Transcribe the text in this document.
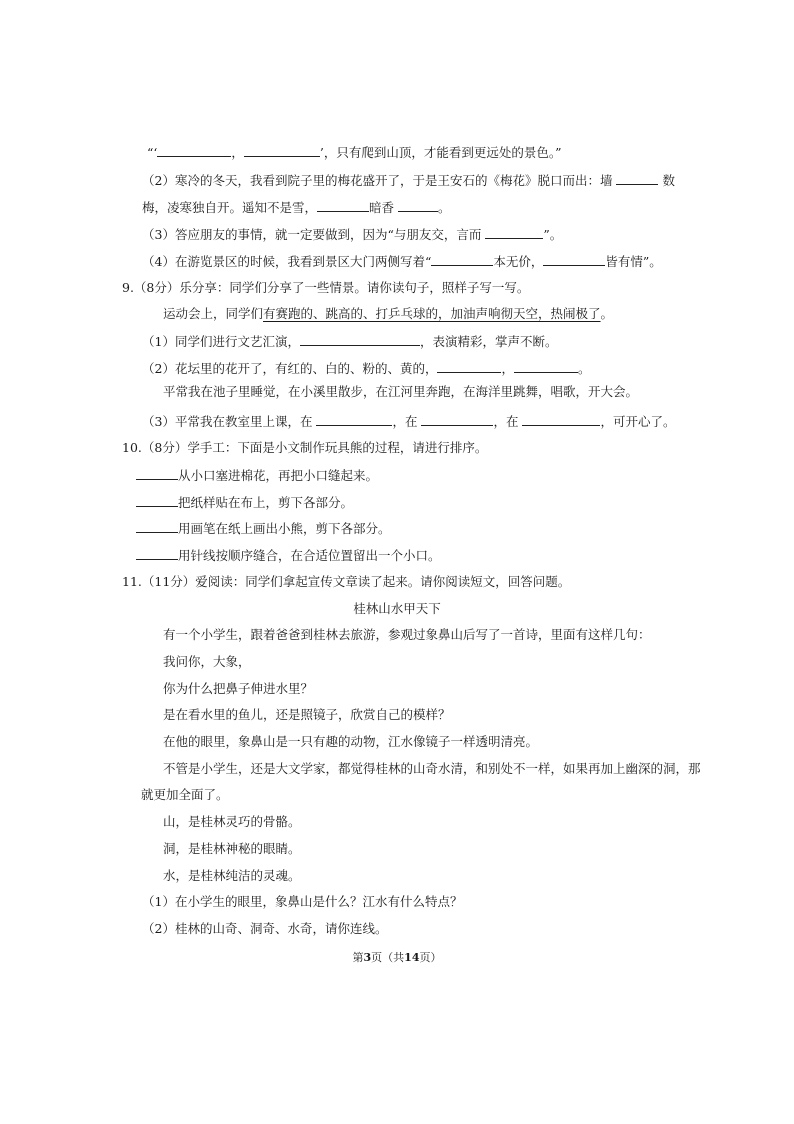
“‘	，	’，只有爬到山顶，才能看到更远处的景色。”
（2）寒冷的冬天，我看到院子里的梅花盛开了，于是王安石的《梅花》脱口而出：墙	数
梅，凌寒独自开。遥知不是雪，	暗香	。
（3）答应朋友的事情，就一定要做到，因为“与朋友交，言而	”。
（4）在游览景区的时候，我看到景区大门两侧写着“	本无价，	皆有情”。
9.（8分）乐分享：同学们分享了一些情景。请你读句子，照样子写一写。
运动会上，同学们有赛跑的、跳高的、打乒乓球的，加油声响彻天空，热闹极了。
（1）同学们进行文艺汇演，	，表演精彩，掌声不断。
（2）花坛里的花开了，有红的、白的、粉的、黄的，	，	。
平常我在池子里睡觉，在小溪里散步，在江河里奔跑，在海洋里跳舞，唱歌，开大会。
（3）平常我在教室里上课，在	，在	，在	，可开心了。
10.（8分）学手工：下面是小文制作玩具熊的过程，请进行排序。
从小口塞进棉花，再把小口缝起来。
把纸样贴在布上，剪下各部分。
用画笔在纸上画出小熊，剪下各部分。
用针线按顺序缝合，在合适位置留出一个小口。
11.（11分）爱阅读：同学们拿起宣传文章读了起来。请你阅读短文，回答问题。
桂林山水甲天下
有一个小学生，跟着爸爸到桂林去旅游，参观过象鼻山后写了一首诗，里面有这样几句：
我问你，大象，
你为什么把鼻子伸进水里？
是在看水里的鱼儿，还是照镜子，欣赏自己的模样？
在他的眼里，象鼻山是一只有趣的动物，江水像镜子一样透明清亮。
不管是小学生，还是大文学家，都觉得桂林的山奇水清，和别处不一样，如果再加上幽深的洞，那
就更加全面了。
山，是桂林灵巧的骨骼。
洞，是桂林神秘的眼睛。
水，是桂林纯洁的灵魂。
（1）在小学生的眼里，象鼻山是什么？江水有什么特点？
（2）桂林的山奇、洞奇、水奇，请你连线。
第3页（共14页）
